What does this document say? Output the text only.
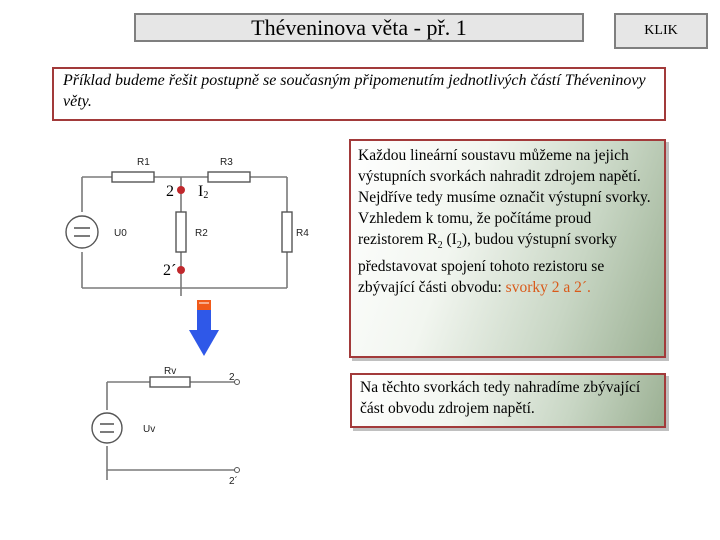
Théveninova věta - př. 1	KLIK
Příklad budeme řešit postupně se současným připomenutím jednotlivých částí Théveninovy věty.

Každou lineární soustavu můžeme na jejich výstupních svorkách nahradit zdrojem napětí.

Nejdříve tedy musíme označit výstupní svorky.

Vzhledem k tomu, že počítáme proud rezistorem $R_2$ $(I_2)$, budou výstupní svorky představovat spojení tohoto rezistoru se zbývající části obvodu: svorky 2 a 2´.

Na těchto svorkách tedy nahradíme zbývající část obvodu zdrojem napětí.
R1	R3
R2	R4
U0
2
2´
I2
Rv
Uv
2
2´
